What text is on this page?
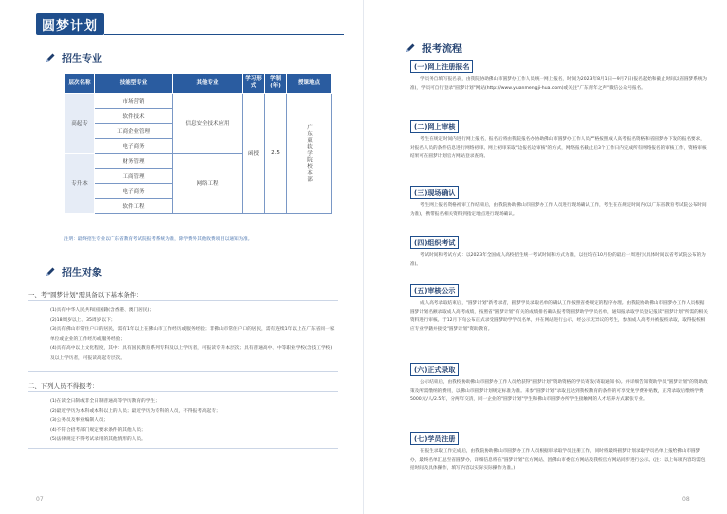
圆梦计划
招生专业
层次名称	技能型专业	其他专业	学习形式	学制(年)	授课地点
高起专	市场营销	信息安全技术应用	函授	2.5	广东東软学院校本部

	软件技术				
	工商企业管理				
	电子商务				
专升本	财务管理	网络工程			
	工商管理				
	电子商务				
	软件工程				
注明：最终招生专业以广东省教育考试院报考系统为准，除学费外其他收费项目以通知为准。
招生对象
一、考"圆梦计划"需具备以下基本条件：
(1)具有中华人民共和国国籍(含香港、澳门居民)；
(2)18周岁以上、35周岁以下；
(3)具有佛山市常住户口的居民，需有1年以上在佛山市工作经历或服务经验；非佛山市常住户口的居民，需有连续1年以上在广东省同一家单位或企业的工作经历或服务经验；
(4)具有高中以上文化程度，其中：具有国民教育系列专科及以上学历者，可报读专升本层次；具有普通高中、中等职业学校(含技工学校)及以上学历者，可报读高起专层次。
二、下列人员不得报考：
(1)在读全日制或非全日制普通高等学历教育的学生；
(2)最近学历为本科或本科以上的人员；最近学历为专科的人员，不得报考高起专；
(3)公务员及事业编制人员；
(4)不符合招考部门规定要求条件的其他人员；
(5)法律规定不得考试录用的其他情形的人员。
07
报考流程
(一)网上注册报名
学员务自填写报名表，由我院协助佛山市圆梦办工作人员统一网上报名，时间为2023年8月1日—9月7日(报名起始和截止时间以省圆梦系统为准)，学员可自行登录"圆梦计划"网站(http://www.yuanmengji-hua.com)或关注"广东青年之声"微信公众号报名。
(二)网上审核
考生在规定时间内进行网上报名，报名后将由我院报名办协助佛山市圆梦办工作人员严格按照成人高考报名资格和省圆梦办下发的报名要求，对报名人员的条件信息进行网络初审。网上初审采取"边报名边审核"的方式，网络报名截止后3个工作日内完成所有网络报名的审核工作，资格审核结果可在圆梦计划官方网站登录查询。
(三)现场确认
考生网上报名资格初审工作结束后，由我院协助佛山市圆梦办工作人员进行现场确认工作，考生在在规定时间内(以广东省教育考试院公布时间为准)，携带报名相关资料到指定地点进行现场确认。
(四)组织考试
考试时间和考试方式：以2023年全国成人高校招生统一考试时间和方式为准，以往均在10月份的最后一周进行(具体时间以省考试院公布的为准)。
(五)审核公示
成人高考录取结束后，"圆梦计划"新考录者，圆梦学员录取名单的确认工作按照省委规定的程序办理。由我院协助佛山市圆梦办工作人员根据圆梦计划名额录取成人高考成绩，按照省"圆梦计划"有关的成绩排名确认报考资圆梦助学学员名单，通知报录取学员登记报读"圆梦计划"所需的相关资料进行审核。于12月下旬公布正式录受圆梦助学学员名单，并在网站进行公示，经公示无异议的考生，参加成人高考并被报校录取，取得报校相应专业学籍并接受"圆梦计划"资助教育。
(六)正式录取
公示结束后，由我校协助佛山市圆梦办工作人员给获得"圆梦计划"资助资格的学员寄发(寄取通知书)。并详细告知资助学员"圆梦计划"的资助政策及所需缴纳的费用，以佛山市圆梦计划规定标准为准。来参"圆梦计划"录取且达到我校教育的条件的可享受免学费补贴数，正常录取后缴纳学费5000元/人/2.5年，分两年交清，同一企业的"圆梦计划"学生和佛山市圆梦办所学生接触网的人才培养方式紧张专业。
(七)学员注册
在报生录取工作完成后，由我院协助佛山市圆梦办工作人员根据审录取学员注册工作，同时将最终圆梦计划录取学员名单上报给佛山市圆梦办，最终名单汇总至省圆梦办，详细信息将在"圆梦计划"官方网站、团佛山市委官方网站及我校官方网站同步进行公示。(注：以上每项内容均需包括时间及具体操作，填写内容以实际实际操作为准。)
08
